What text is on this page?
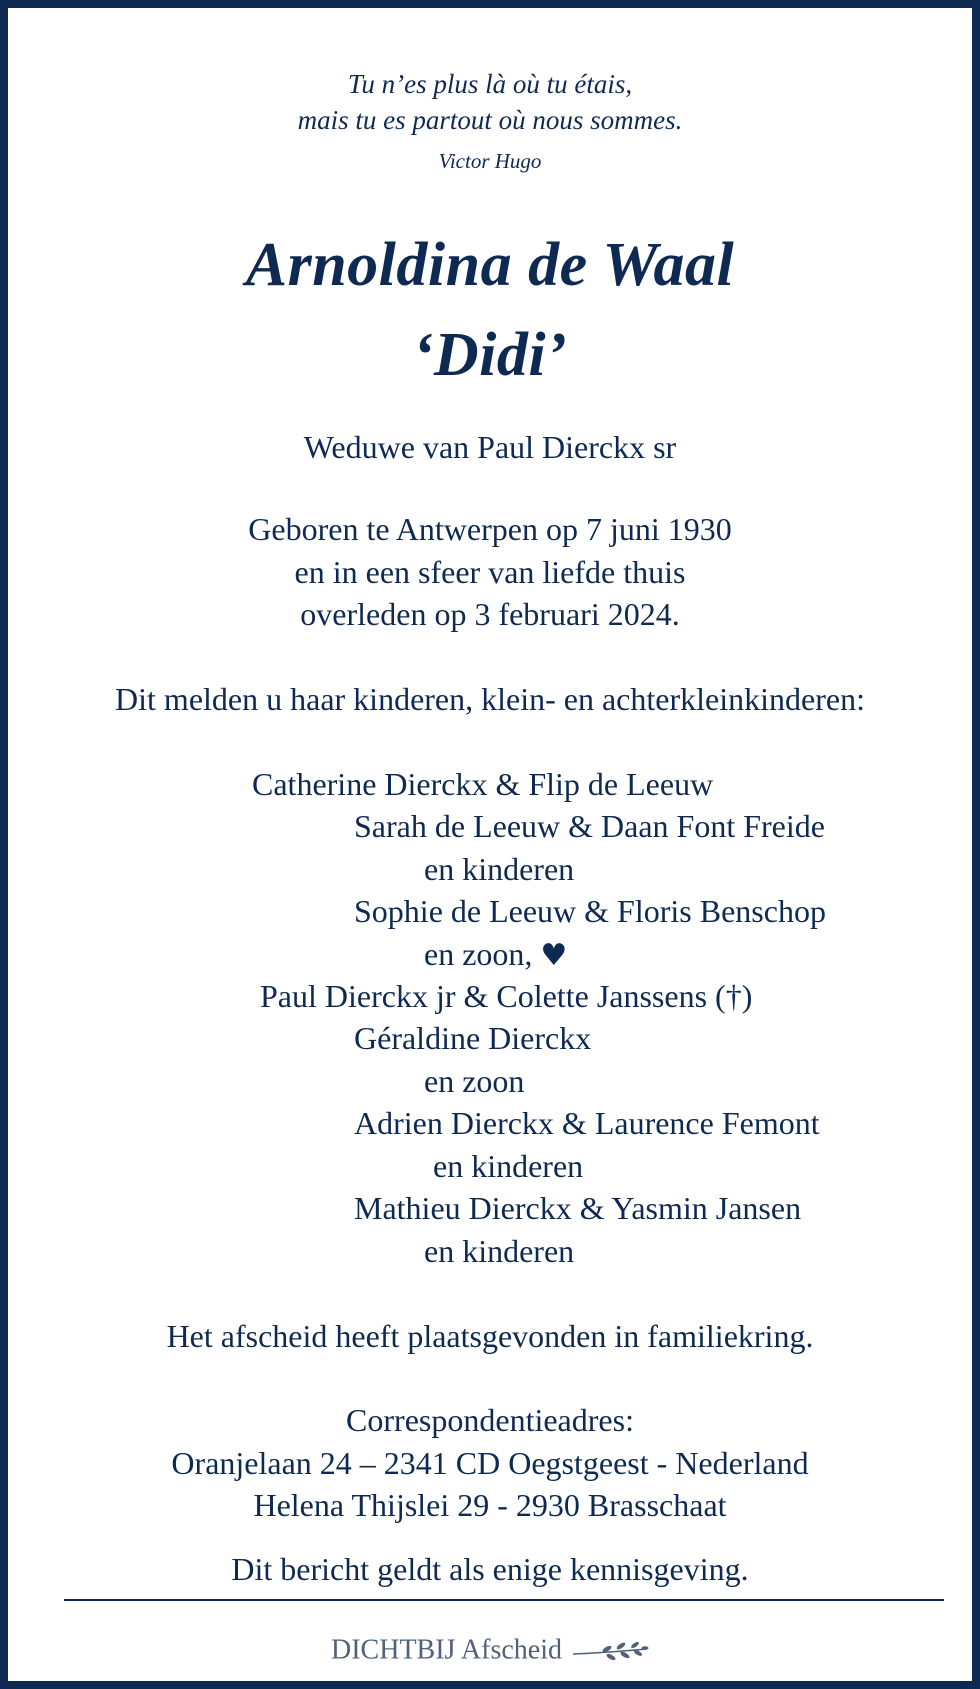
Tu n’es plus là où tu étais,
mais tu es partout où nous sommes.
Victor Hugo
Arnoldina de Waal
‘Didi’
Weduwe van Paul Dierckx sr
Geboren te Antwerpen op 7 juni 1930
en in een sfeer van liefde thuis
overleden op 3 februari 2024.
Dit melden u haar kinderen, klein- en achterkleinkinderen:
Catherine Dierckx & Flip de Leeuw
Sarah de Leeuw & Daan Font Freide
en kinderen
Sophie de Leeuw & Floris Benschop
en zoon, ♥
Paul Dierckx jr & Colette Janssens (†)
Géraldine Dierckx
en zoon
Adrien Dierckx & Laurence Femont
en kinderen
Mathieu Dierckx & Yasmin Jansen
en kinderen
Het afscheid heeft plaatsgevonden in familiekring.
Correspondentieadres:
Oranjelaan 24 – 2341 CD Oegstgeest - Nederland
Helena Thijslei 29 - 2930 Brasschaat
Dit bericht geldt als enige kennisgeving.
DICHTBIJ Afscheid
